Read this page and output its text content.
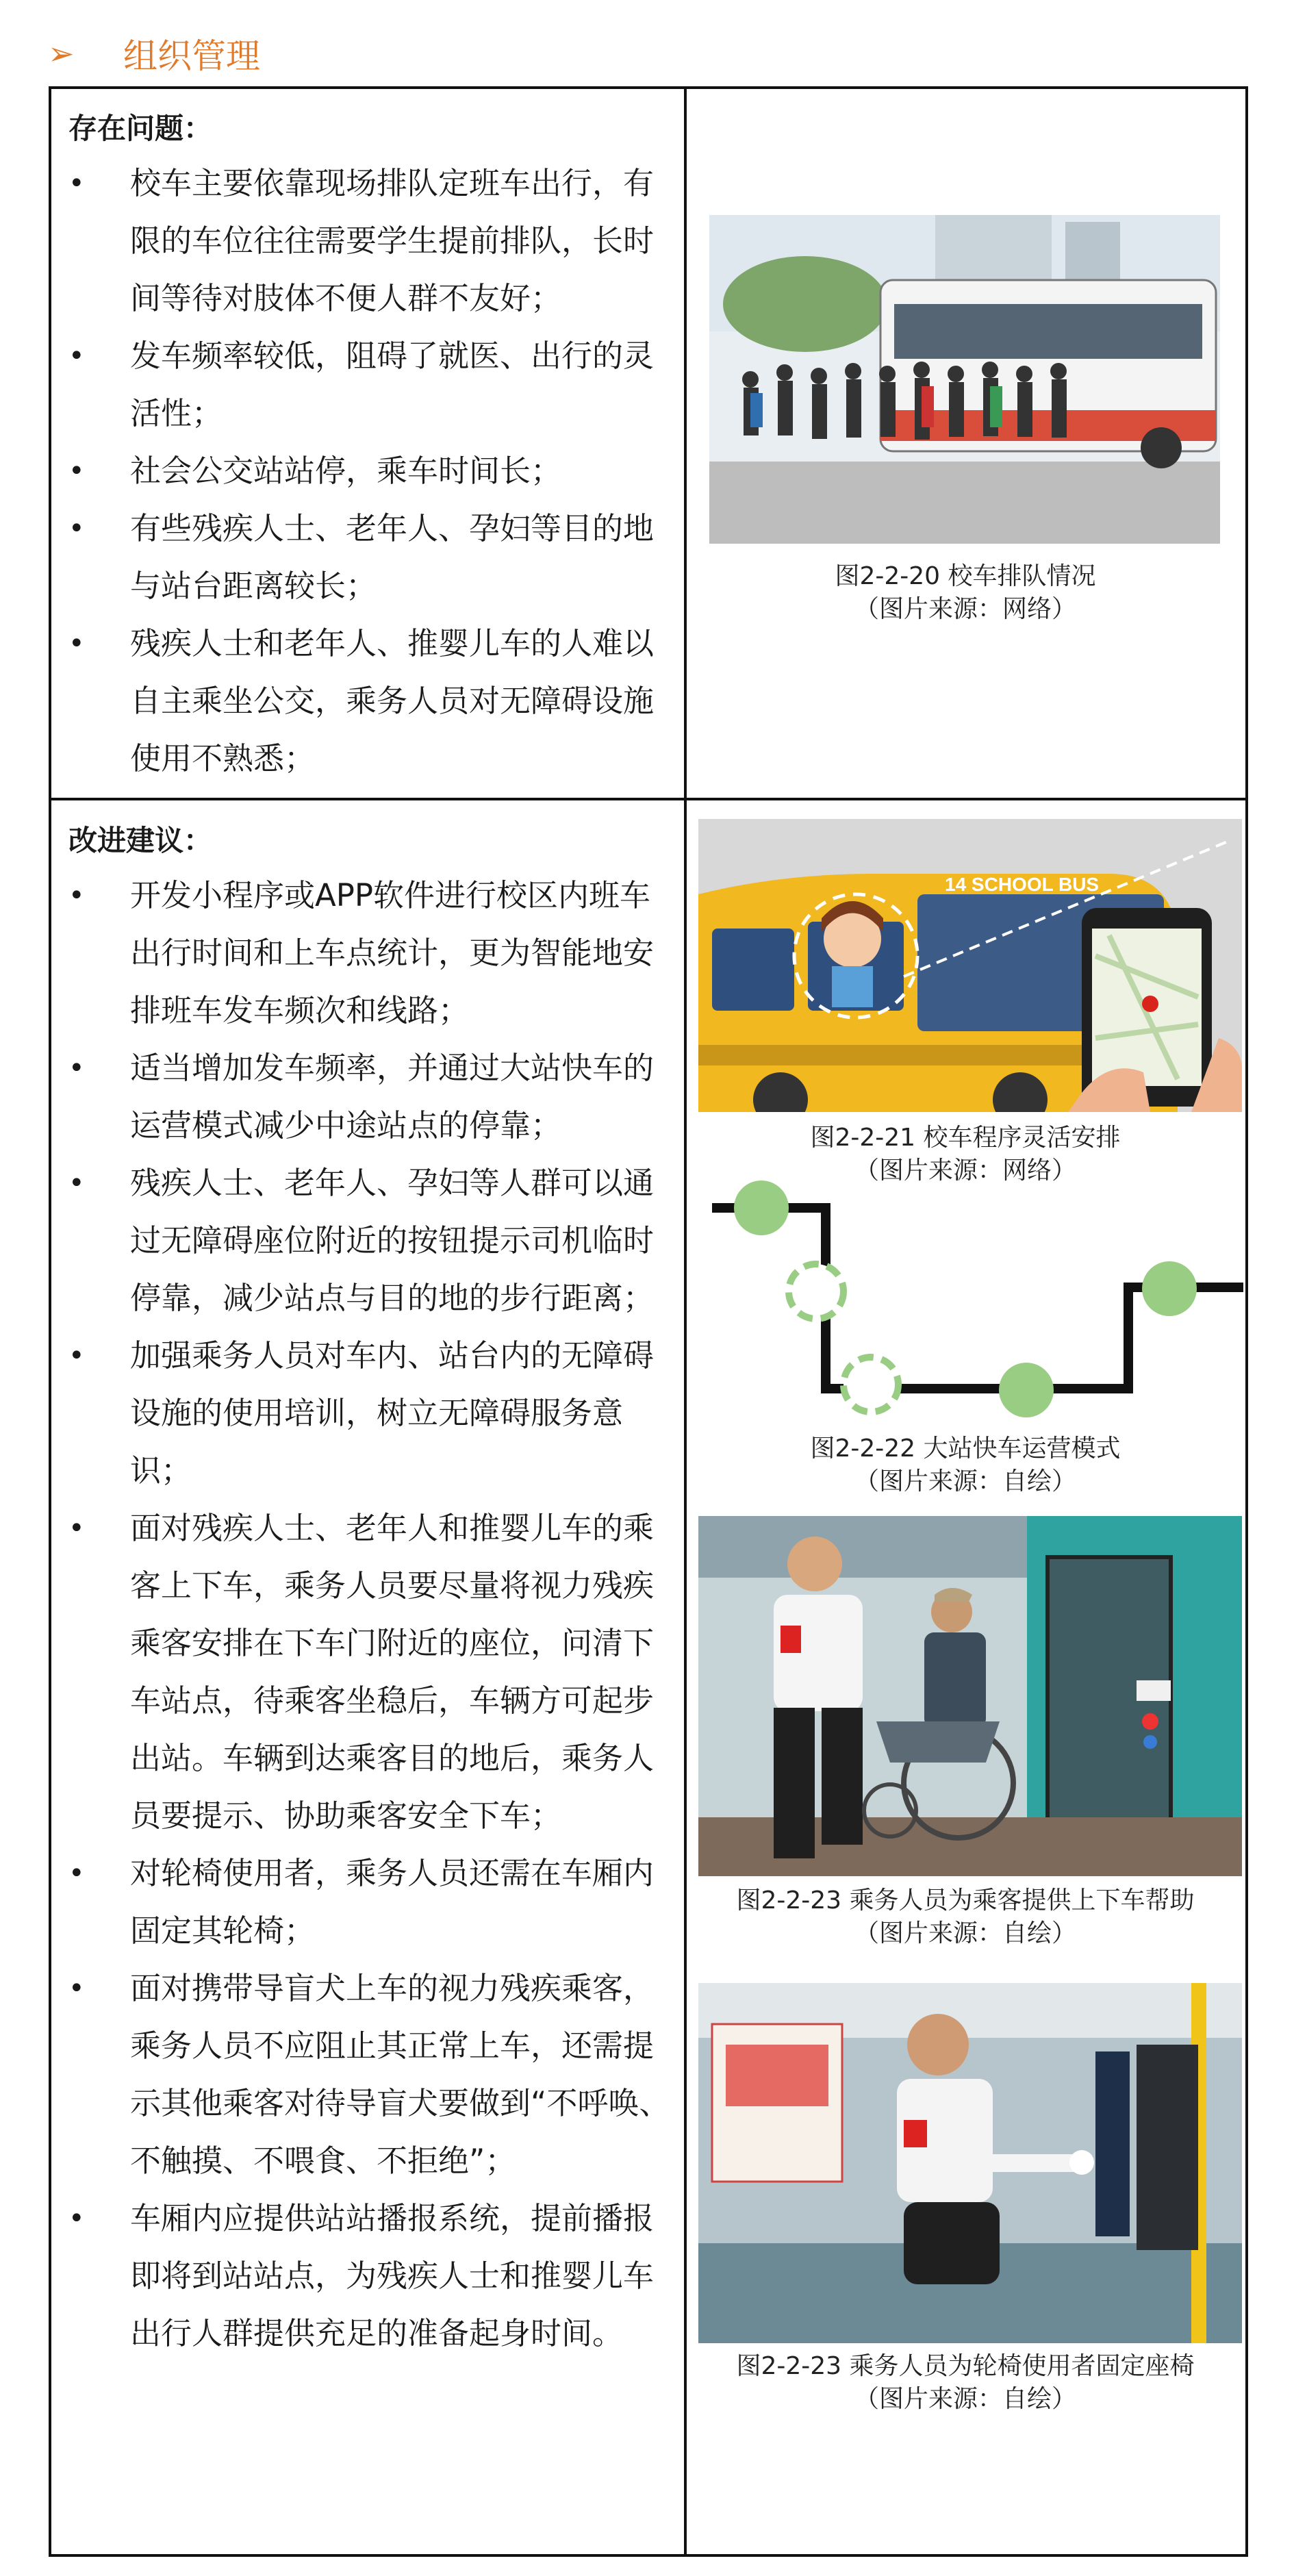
➢	组织管理
存在问题：
• 校车主要依靠现场排队定班车出行，有限的车位往往需要学生提前排队，长时间等待对肢体不便人群不友好；
• 发车频率较低，阻碍了就医、出行的灵活性；
• 社会公交站站停，乘车时间长；
• 有些残疾人士、老年人、孕妇等目的地与站台距离较长；
• 残疾人士和老年人、推婴儿车的人难以自主乘坐公交，乘务人员对无障碍设施使用不熟悉；
改进建议：
• 开发小程序或APP软件进行校区内班车出行时间和上车点统计，更为智能地安排班车发车频次和线路；
• 适当增加发车频率，并通过大站快车的运营模式减少中途站点的停靠；
• 残疾人士、老年人、孕妇等人群可以通过无障碍座位附近的按钮提示司机临时停靠，减少站点与目的地的步行距离；
• 加强乘务人员对车内、站台内的无障碍设施的使用培训，树立无障碍服务意识；
• 面对残疾人士、老年人和推婴儿车的乘客上下车，乘务人员要尽量将视力残疾乘客安排在下车门附近的座位，问清下车站点，待乘客坐稳后，车辆方可起步出站。车辆到达乘客目的地后，乘务人员要提示、协助乘客安全下车；
• 对轮椅使用者，乘务人员还需在车厢内固定其轮椅；
• 面对携带导盲犬上车的视力残疾乘客，乘务人员不应阻止其正常上车，还需提示其他乘客对待导盲犬要做到“不呼唤、不触摸、不喂食、不拒绝”；
• 车厢内应提供站站播报系统，提前播报即将到站站点，为残疾人士和推婴儿车出行人群提供充足的准备起身时间。
图2-2-20 校车排队情况
（图片来源：网络）
14 SCHOOL BUS
图2-2-21 校车程序灵活安排
（图片来源：网络）
图2-2-22 大站快车运营模式
（图片来源：自绘）
图2-2-23 乘务人员为乘客提供上下车帮助
（图片来源：自绘）
图2-2-23 乘务人员为轮椅使用者固定座椅
（图片来源：自绘）
